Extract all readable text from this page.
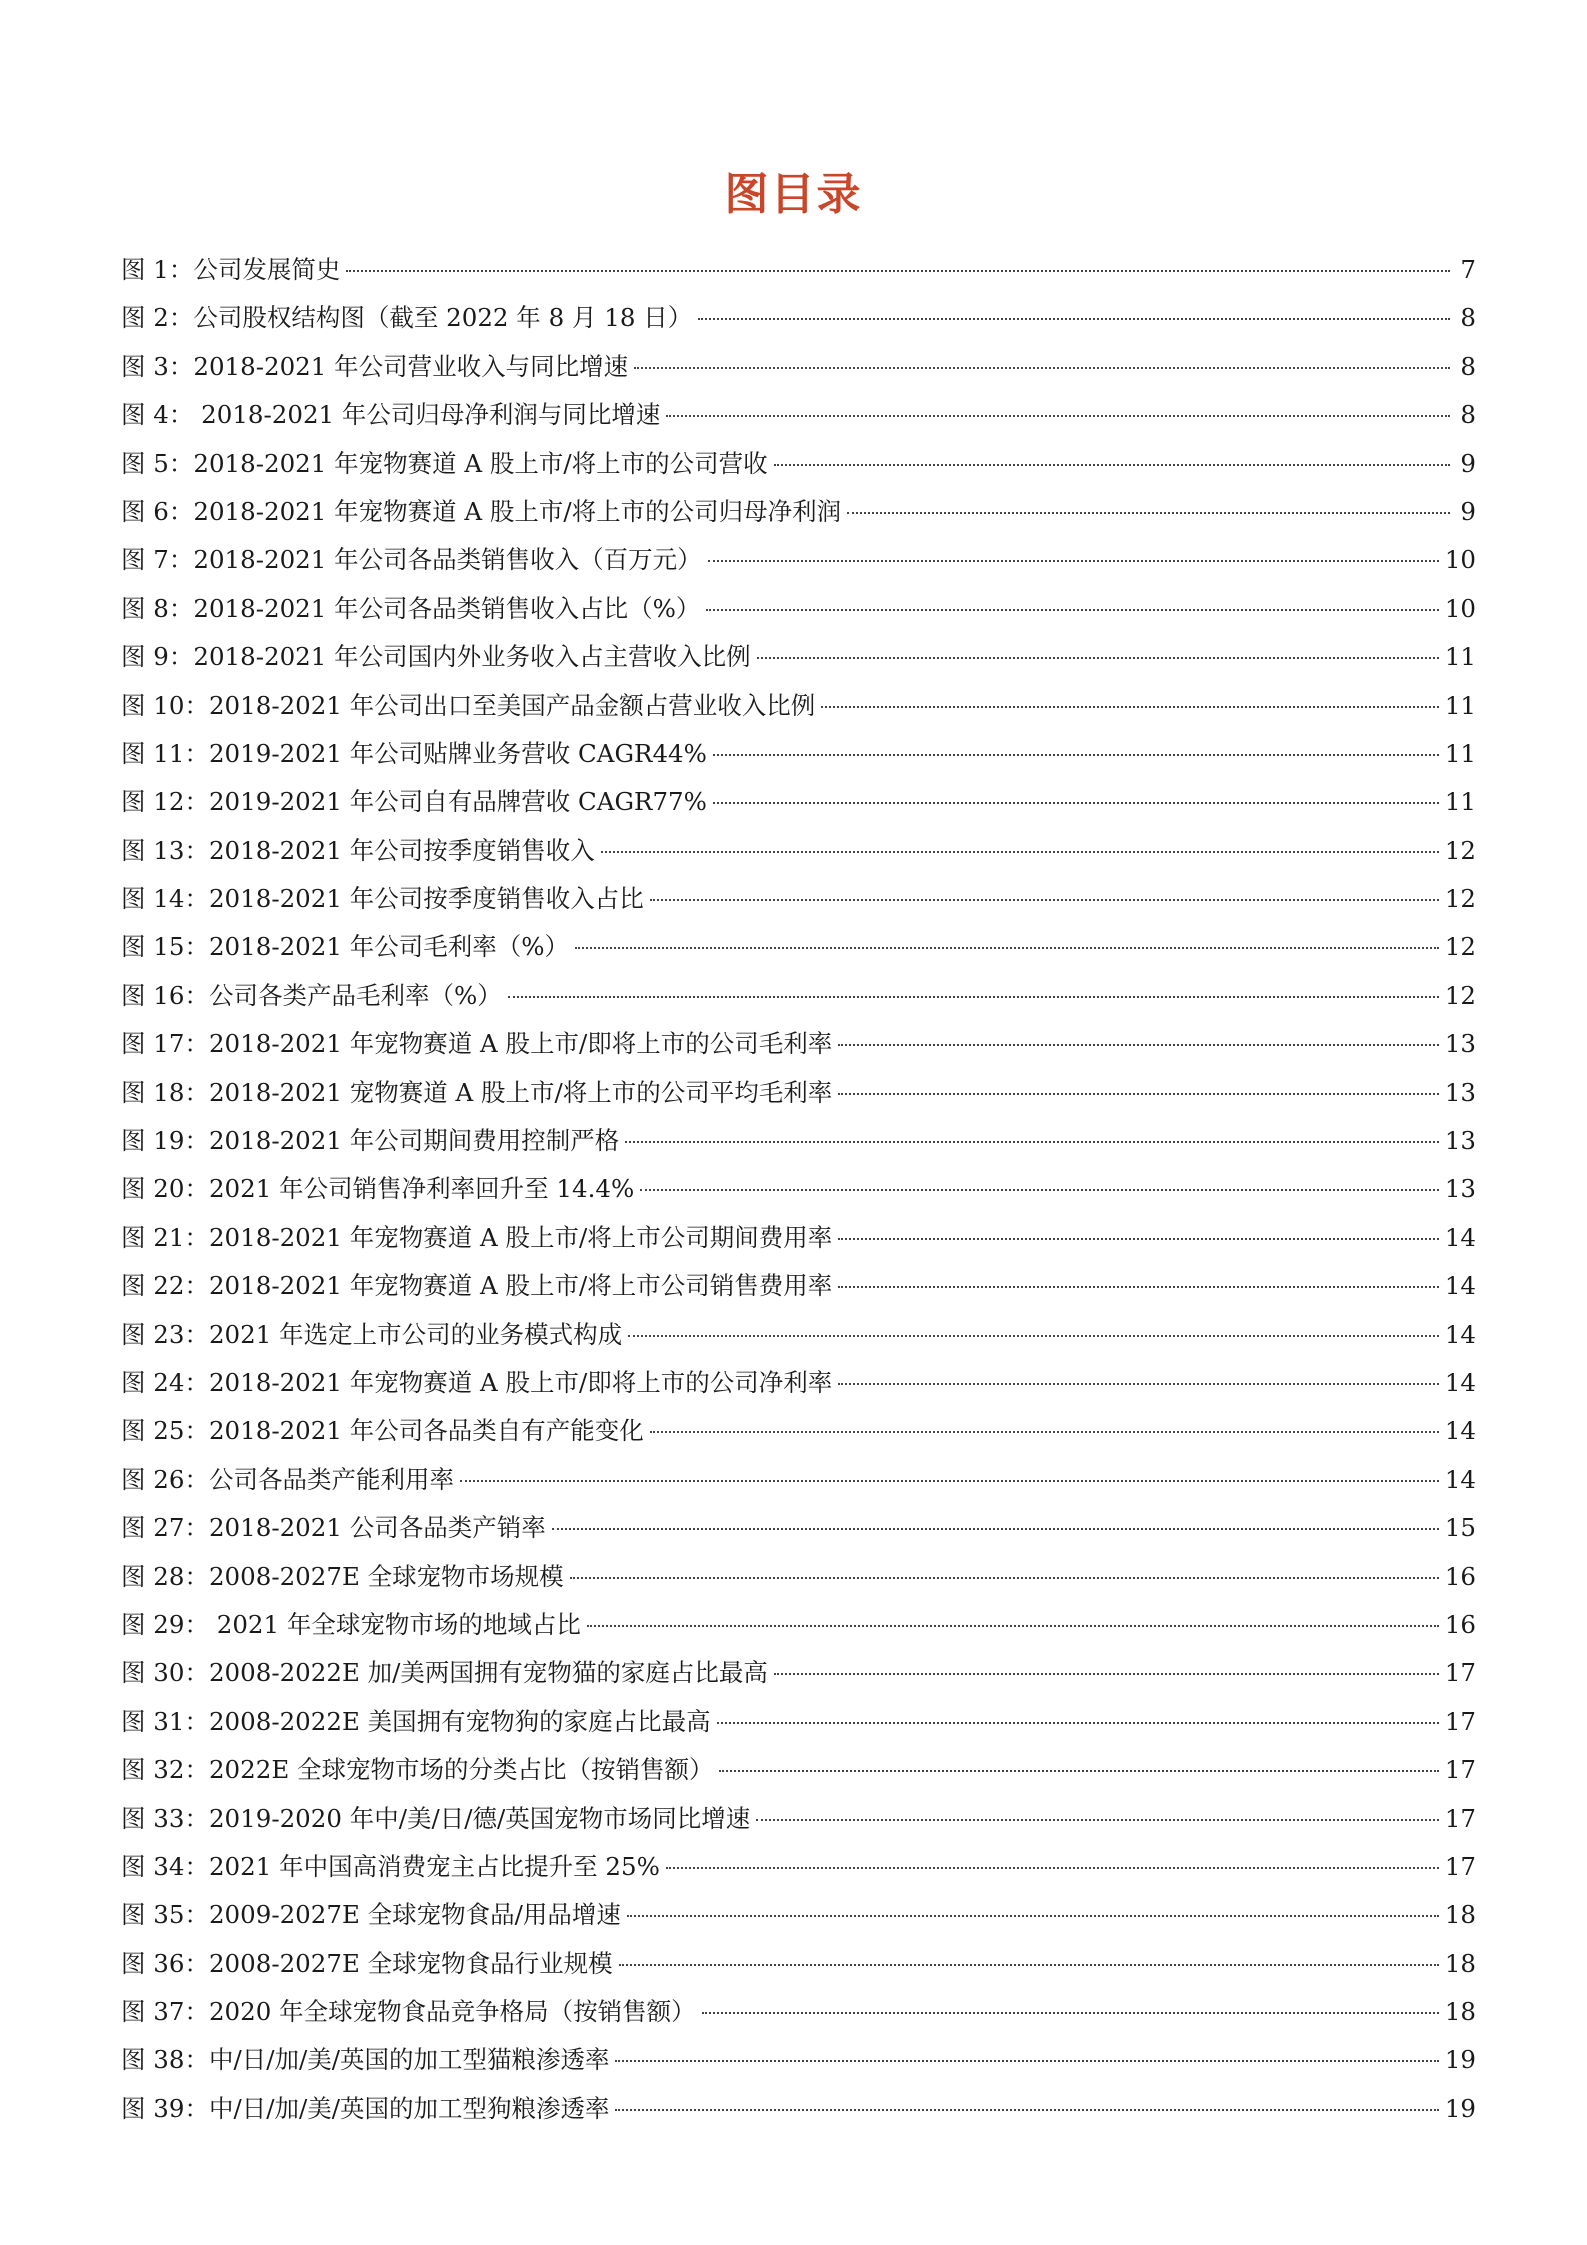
图目录
图 1：公司发展简史	7
图 2：公司股权结构图（截至 2022 年 8 月 18 日）	8
图 3：2018-2021 年公司营业收入与同比增速	8
图 4： 2018-2021 年公司归母净利润与同比增速	8
图 5：2018-2021 年宠物赛道 A 股上市/将上市的公司营收	9
图 6：2018-2021 年宠物赛道 A 股上市/将上市的公司归母净利润	9
图 7：2018-2021 年公司各品类销售收入（百万元）	10
图 8：2018-2021 年公司各品类销售收入占比（%）	10
图 9：2018-2021 年公司国内外业务收入占主营收入比例	11
图 10：2018-2021 年公司出口至美国产品金额占营业收入比例	11
图 11：2019-2021 年公司贴牌业务营收 CAGR44%	11
图 12：2019-2021 年公司自有品牌营收 CAGR77%	11
图 13：2018-2021 年公司按季度销售收入	12
图 14：2018-2021 年公司按季度销售收入占比	12
图 15：2018-2021 年公司毛利率（%）	12
图 16：公司各类产品毛利率（%）	12
图 17：2018-2021 年宠物赛道 A 股上市/即将上市的公司毛利率	13
图 18：2018-2021 宠物赛道 A 股上市/将上市的公司平均毛利率	13
图 19：2018-2021 年公司期间费用控制严格	13
图 20：2021 年公司销售净利率回升至 14.4%	13
图 21：2018-2021 年宠物赛道 A 股上市/将上市公司期间费用率	14
图 22：2018-2021 年宠物赛道 A 股上市/将上市公司销售费用率	14
图 23：2021 年选定上市公司的业务模式构成	14
图 24：2018-2021 年宠物赛道 A 股上市/即将上市的公司净利率	14
图 25：2018-2021 年公司各品类自有产能变化	14
图 26：公司各品类产能利用率	14
图 27：2018-2021 公司各品类产销率	15
图 28：2008-2027E 全球宠物市场规模	16
图 29： 2021 年全球宠物市场的地域占比	16
图 30：2008-2022E 加/美两国拥有宠物猫的家庭占比最高	17
图 31：2008-2022E 美国拥有宠物狗的家庭占比最高	17
图 32：2022E 全球宠物市场的分类占比（按销售额）	17
图 33：2019-2020 年中/美/日/德/英国宠物市场同比增速	17
图 34：2021 年中国高消费宠主占比提升至 25%	17
图 35：2009-2027E 全球宠物食品/用品增速	18
图 36：2008-2027E 全球宠物食品行业规模	18
图 37：2020 年全球宠物食品竞争格局（按销售额）	18
图 38：中/日/加/美/英国的加工型猫粮渗透率	19
图 39：中/日/加/美/英国的加工型狗粮渗透率	19
